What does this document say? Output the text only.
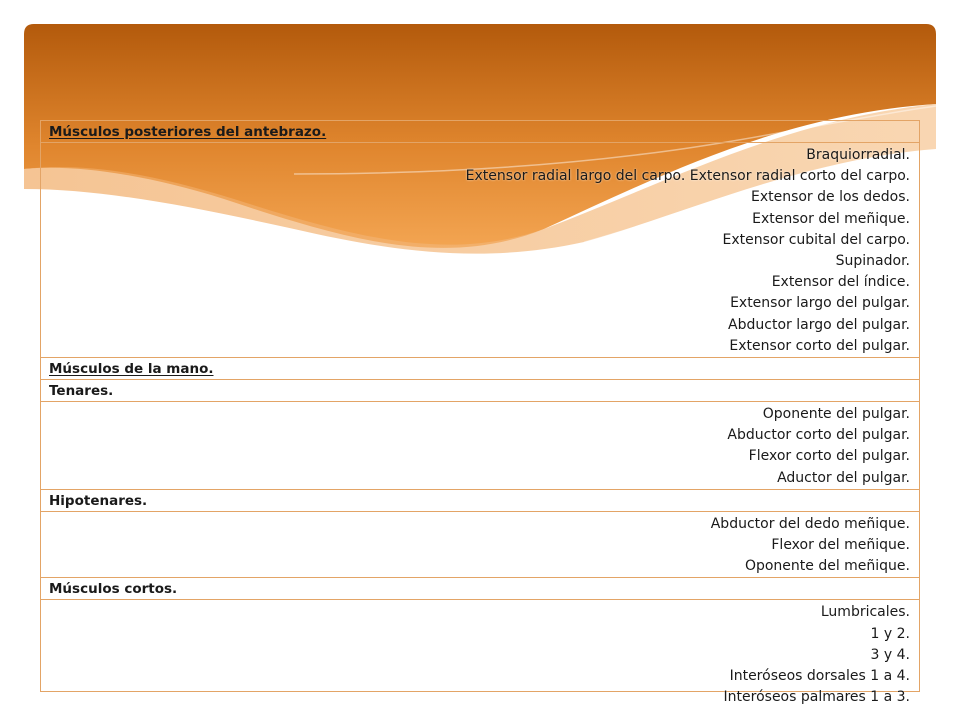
Músculos posteriores del antebrazo.
Braquiorradial.
Extensor radial largo del carpo. Extensor radial corto del carpo.
Extensor de los dedos.
Extensor del meñique.
Extensor cubital del carpo.
Supinador.
Extensor del índice.
Extensor largo del pulgar.
Abductor largo del pulgar.
Extensor corto del pulgar.
Músculos de la mano.
Tenares.
Oponente del pulgar.
Abductor corto del pulgar.
Flexor corto del pulgar.
Aductor del pulgar.
Hipotenares.
Abductor del dedo meñique.
Flexor del meñique.
Oponente del meñique.
Músculos cortos.
Lumbricales.
1 y 2.
3 y 4.
Interóseos dorsales 1 a 4.
Interóseos palmares 1 a 3.
